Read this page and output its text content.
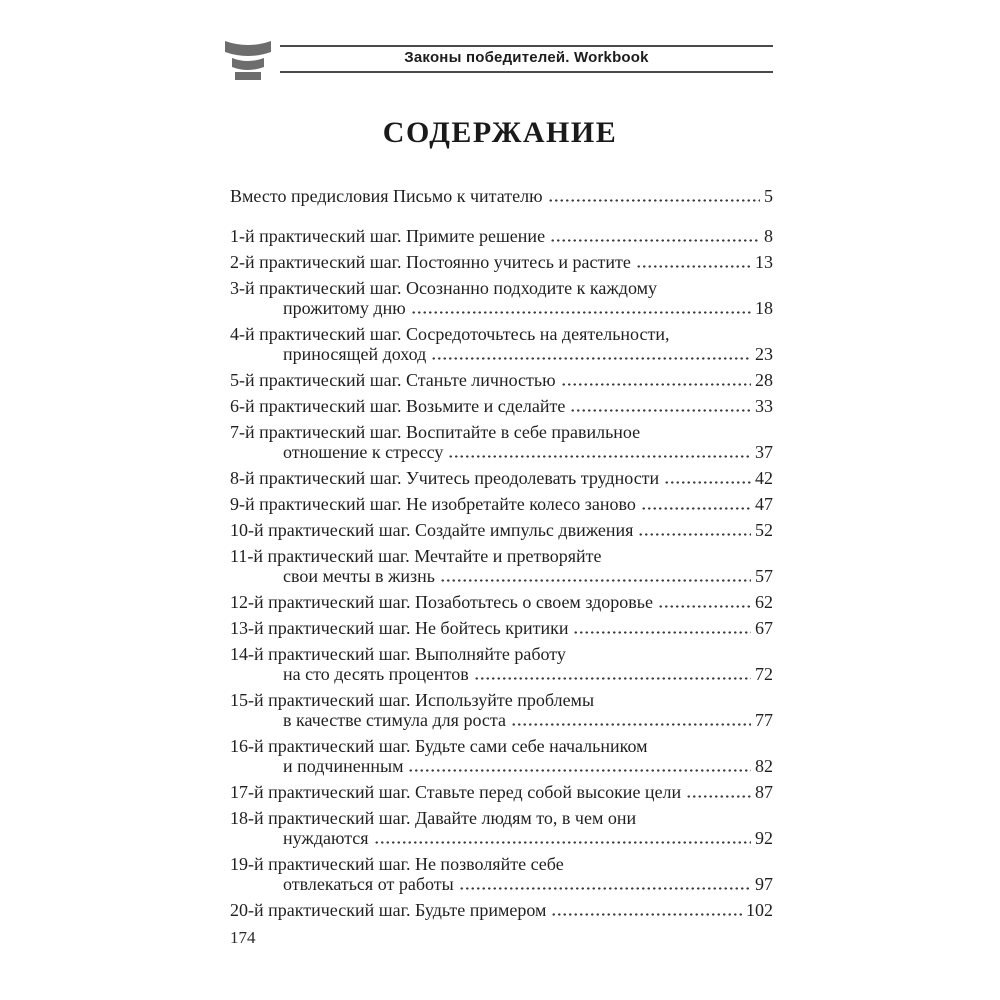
Законы победителей. Workbook
СОДЕРЖАНИЕ
Вместо предисловия Письмо к читателю	5
1-й практический шаг. Примите решение	8
2-й практический шаг. Постоянно учитесь и растите	13
3-й практический шаг. Осознанно подходите к каждому
прожитому дню	18
4-й практический шаг. Сосредоточьтесь на деятельности,
приносящей доход	23
5-й практический шаг. Станьте личностью	28
6-й практический шаг. Возьмите и сделайте	33
7-й практический шаг. Воспитайте в себе правильное
отношение к стрессу	37
8-й практический шаг. Учитесь преодолевать трудности	42
9-й практический шаг. Не изобретайте колесо заново	47
10-й практический шаг. Создайте импульс движения	52
11-й практический шаг. Мечтайте и претворяйте
свои мечты в жизнь	57
12-й практический шаг. Позаботьтесь о своем здоровье	62
13-й практический шаг. Не бойтесь критики	67
14-й практический шаг. Выполняйте работу
на сто десять процентов	72
15-й практический шаг. Используйте проблемы
в качестве стимула для роста	77
16-й практический шаг. Будьте сами себе начальником
и подчиненным	82
17-й практический шаг. Ставьте перед собой высокие цели	87
18-й практический шаг. Давайте людям то, в чем они
нуждаются	92
19-й практический шаг. Не позволяйте себе
отвлекаться от работы	97
20-й практический шаг. Будьте примером	102
174
